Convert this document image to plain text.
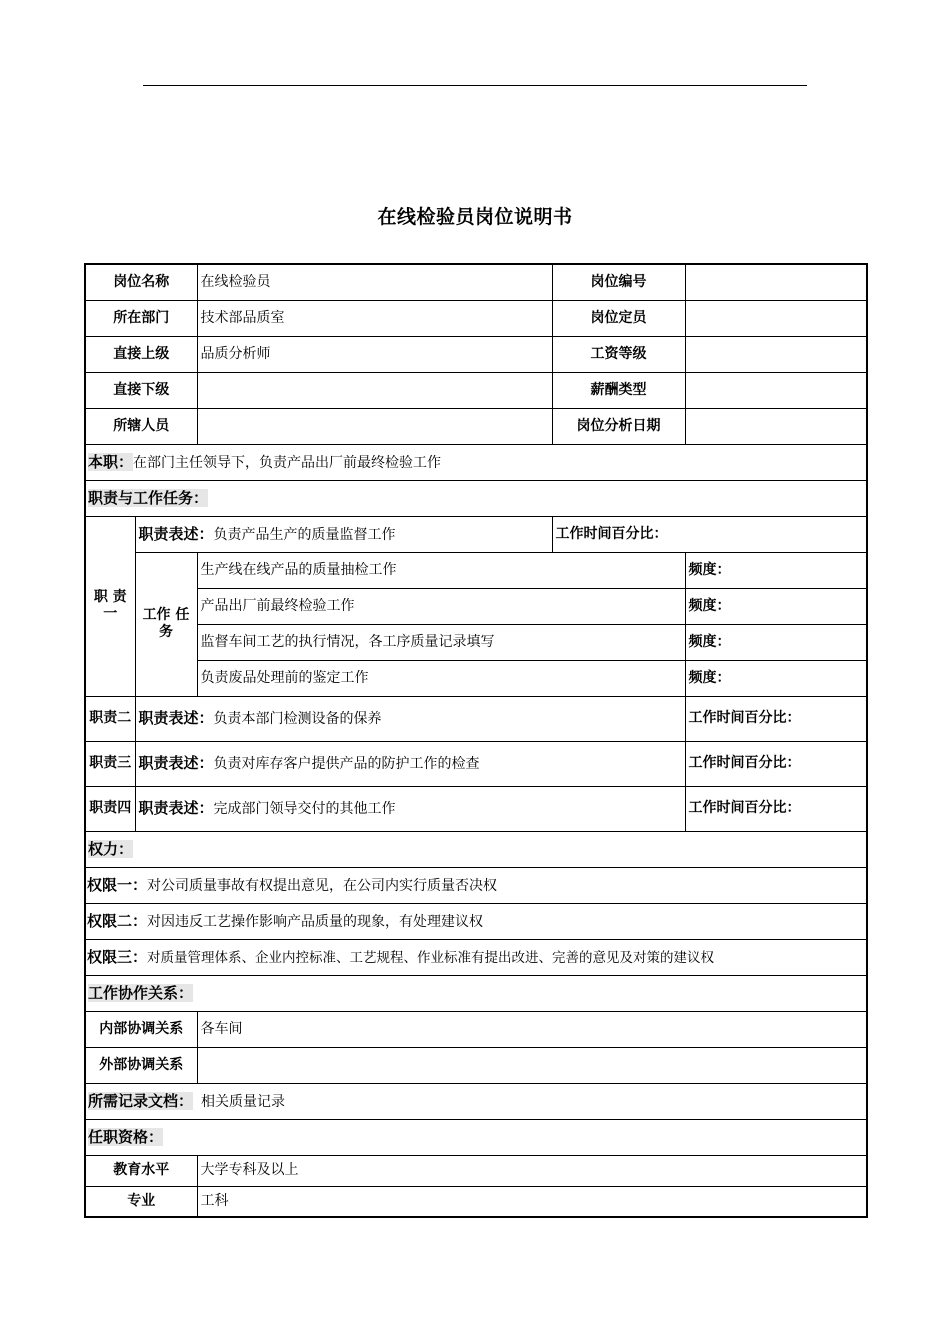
在线检验员岗位说明书
岗位名称		在线检验员	岗位编号	
所在部门		技术部品质室	岗位定员	
直接上级		品质分析师	工资等级	
直接下级			薪酬类型	
所辖人员			岗位分析日期	
本职：在部门主任领导下，负责产品出厂前最终检验工作				
职责与工作任务：				
职 责 一	职责表述：负责产品生产的质量监督工作		工作时间百分比：	
	工作 任务	生产线在线产品的质量抽检工作		频度：
		产品出厂前最终检验工作		频度：
		监督车间工艺的执行情况，各工序质量记录填写		频度：
		负责废品处理前的鉴定工作		频度：
职责二	职责表述：负责本部门检测设备的保养			工作时间百分比：
职责三	职责表述：负责对库存客户提供产品的防护工作的检查			工作时间百分比：
职责四	职责表述：完成部门领导交付的其他工作			工作时间百分比：
权力：				
权限一：对公司质量事故有权提出意见，在公司内实行质量否决权				
权限二：对因违反工艺操作影响产品质量的现象，有处理建议权				
权限三：对质量管理体系、企业内控标准、工艺规程、作业标准有提出改进、完善的意见及对策的建议权				
工作协作关系：				
内部协调关系		各车间		
外部协调关系				
所需记录文档： 相关质量记录				
任职资格：				
教育水平		大学专科及以上		
专业		工科		
